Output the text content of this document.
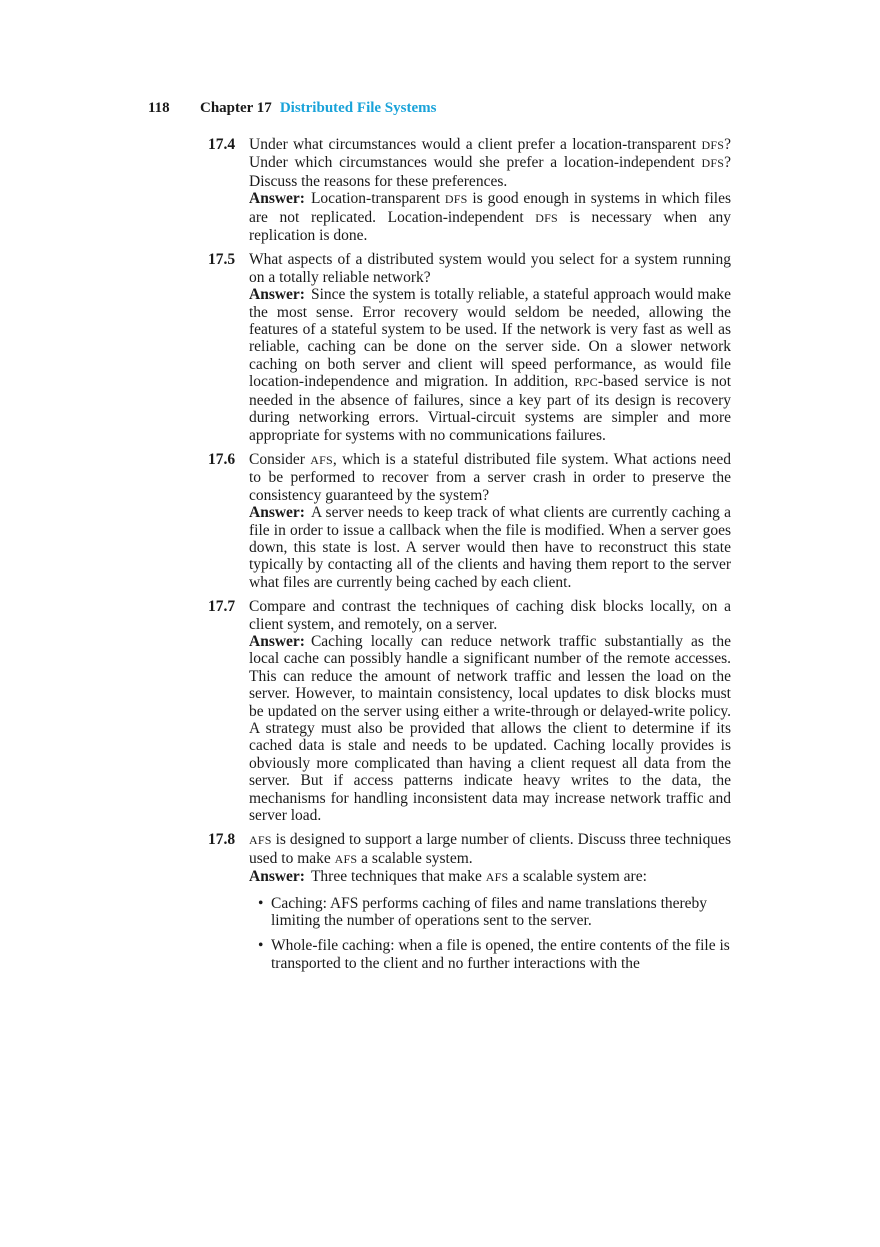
118 Chapter 17 Distributed File Systems
17.4 Under what circumstances would a client prefer a location-transparent DFS? Under which circumstances would she prefer a location-independent DFS? Discuss the reasons for these preferences.

Answer: Location-transparent DFS is good enough in systems in which files are not replicated. Location-independent DFS is necessary when any replication is done.

17.5 What aspects of a distributed system would you select for a system running on a totally reliable network?

Answer: Since the system is totally reliable, a stateful approach would make the most sense. Error recovery would seldom be needed, allowing the features of a stateful system to be used. If the network is very fast as well as reliable, caching can be done on the server side. On a slower network caching on both server and client will speed performance, as would file location-independence and migration. In addition, RPC-based service is not needed in the absence of failures, since a key part of its design is recovery during networking errors. Virtual-circuit systems are simpler and more appropriate for systems with no communications failures.

17.6 Consider AFS, which is a stateful distributed file system. What actions need to be performed to recover from a server crash in order to preserve the consistency guaranteed by the system?

Answer: A server needs to keep track of what clients are currently caching a file in order to issue a callback when the file is modified. When a server goes down, this state is lost. A server would then have to reconstruct this state typically by contacting all of the clients and having them report to the server what files are currently being cached by each client.

17.7 Compare and contrast the techniques of caching disk blocks locally, on a client system, and remotely, on a server.

Answer: Caching locally can reduce network traffic substantially as the local cache can possibly handle a significant number of the remote accesses. This can reduce the amount of network traffic and lessen the load on the server. However, to maintain consistency, local updates to disk blocks must be updated on the server using either a write-through or delayed-write policy. A strategy must also be provided that allows the client to determine if its cached data is stale and needs to be updated. Caching locally provides is obviously more complicated than having a client request all data from the server. But if access patterns indicate heavy writes to the data, the mechanisms for handling inconsistent data may increase network traffic and server load.

17.8 AFS is designed to support a large number of clients. Discuss three techniques used to make AFS a scalable system.

Answer: Three techniques that make AFS a scalable system are:

• Caching: AFS performs caching of files and name translations thereby limiting the number of operations sent to the server.
• Whole-file caching: when a file is opened, the entire contents of the file is transported to the client and no further interactions with the
